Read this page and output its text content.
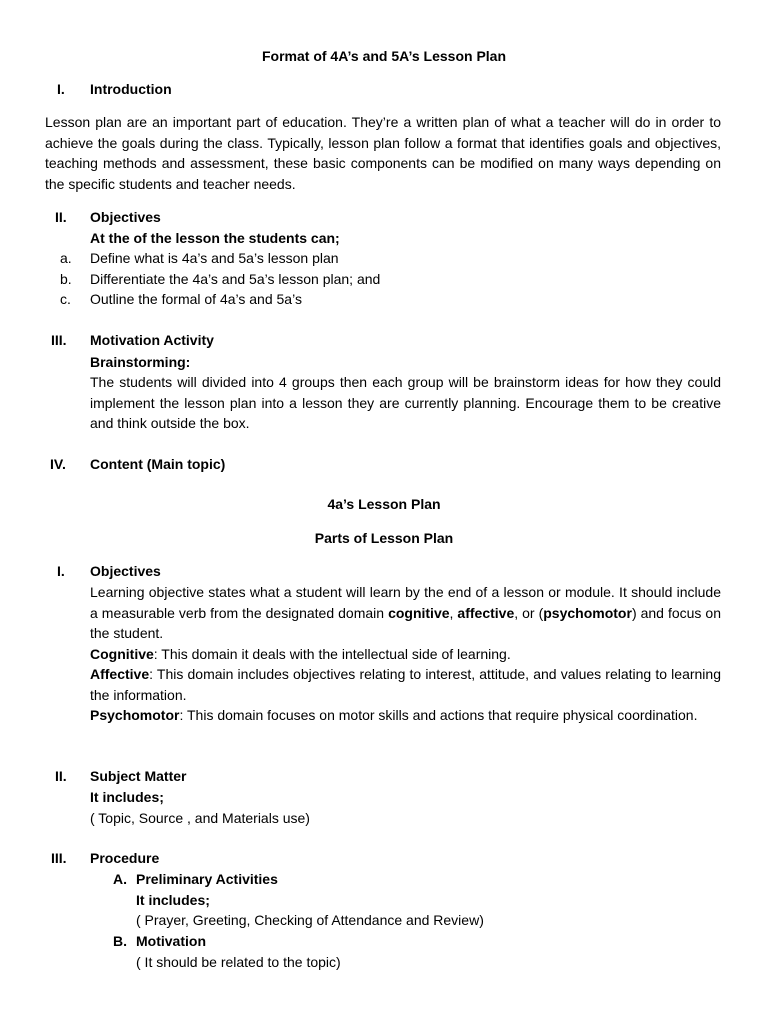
Format of 4A’s and 5A’s Lesson Plan
I. Introduction
Lesson plan are an important part of education. They’re a written plan of what a teacher will do in order to achieve the goals during the class. Typically, lesson plan follow a format that identifies goals and objectives, teaching methods and assessment, these basic components can be modified on many ways depending on the specific students and teacher needs.
II. Objectives
At the of the lesson the students can;
a. Define what is 4a’s and 5a’s lesson plan
b. Differentiate the 4a’s and 5a’s lesson plan; and
c. Outline the formal of 4a’s and 5a’s
III. Motivation Activity
Brainstorming:
The students will divided into 4 groups then each group will be brainstorm ideas for how they could implement the lesson plan into a lesson they are currently planning. Encourage them to be creative and think outside the box.
IV. Content (Main topic)
4a’s Lesson Plan
Parts of Lesson Plan
I. Objectives
Learning objective states what a student will learn by the end of a lesson or module. It should include a measurable verb from the designated domain cognitive, affective, or (psychomotor) and focus on the student.
Cognitive: This domain it deals with the intellectual side of learning.
Affective: This domain includes objectives relating to interest, attitude, and values relating to learning the information.
Psychomotor: This domain focuses on motor skills and actions that require physical coordination.
II. Subject Matter
It includes;
( Topic, Source , and Materials use)
III. Procedure
A. Preliminary Activities
It includes;
( Prayer, Greeting, Checking of Attendance and Review)
B. Motivation
( It should be related to the topic)
